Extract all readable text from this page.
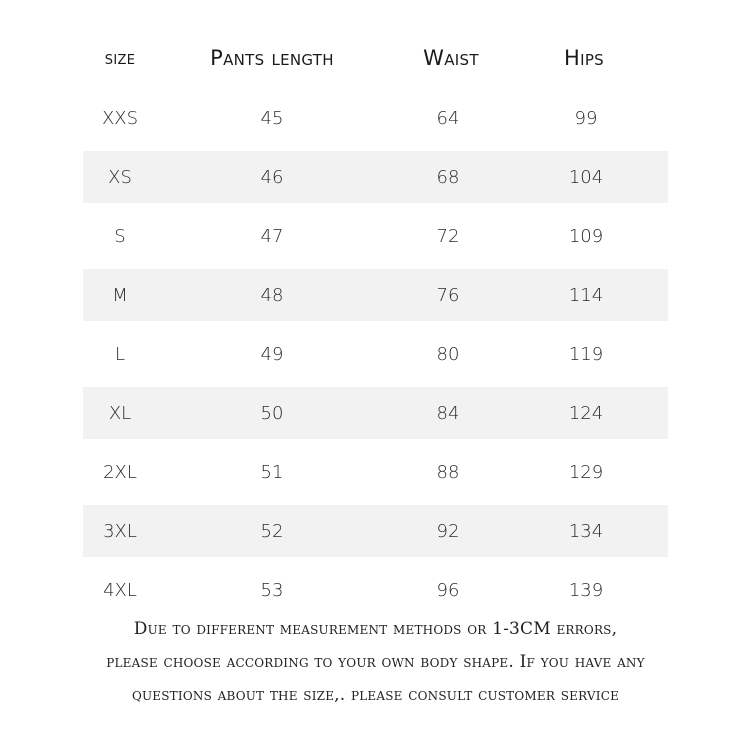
size	Pants length	Waist	Hips
XXS	45	64	99
XS	46	68	104
S	47	72	109
M	48	76	114
L	49	80	119
XL	50	84	124
2XL	51	88	129
3XL	52	92	134
4XL	53	96	139
Due to different measurement methods or 1-3CM errors,
please choose according to your own body shape. If you have any
questions about the size,. please consult customer service
